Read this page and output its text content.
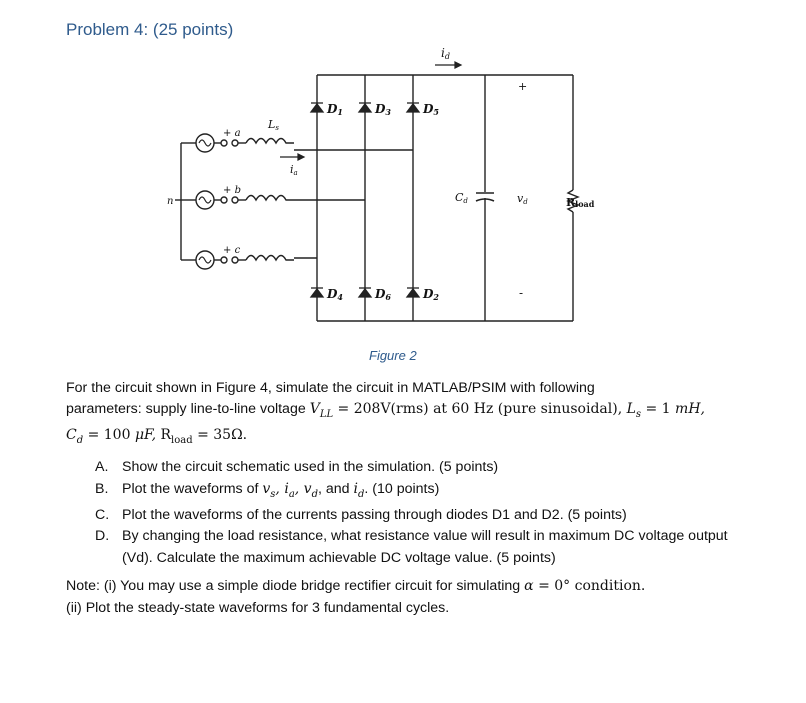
Problem 4: (25 points)
id
+
-
+ a
+ b
+ c
n
Ls
ia
Cd	vd	Rload
D1	D3	D5
D4	D6	D2
Figure 2
For the circuit shown in Figure 4, simulate the circuit in MATLAB/PSIM with following
parameters: supply line-to-line voltage $V_{LL} = 208V(rms)$ at 60 Hz (pure sinusoidal), $L_s = 1$ mH,
$C_d = 100$ μF, $R_{load} = 35\Omega$.
A. Show the circuit schematic used in the simulation. (5 points)
B. Plot the waveforms of $v_s$, $i_a$, $v_d$, and $i_d$. (10 points)
C. Plot the waveforms of the currents passing through diodes D1 and D2. (5 points)
D. By changing the load resistance, what resistance value will result in maximum DC voltage output (Vd). Calculate the maximum achievable DC voltage value. (5 points)
Note: (i) You may use a simple diode bridge rectifier circuit for simulating α = 0° condition.
(ii) Plot the steady-state waveforms for 3 fundamental cycles.
